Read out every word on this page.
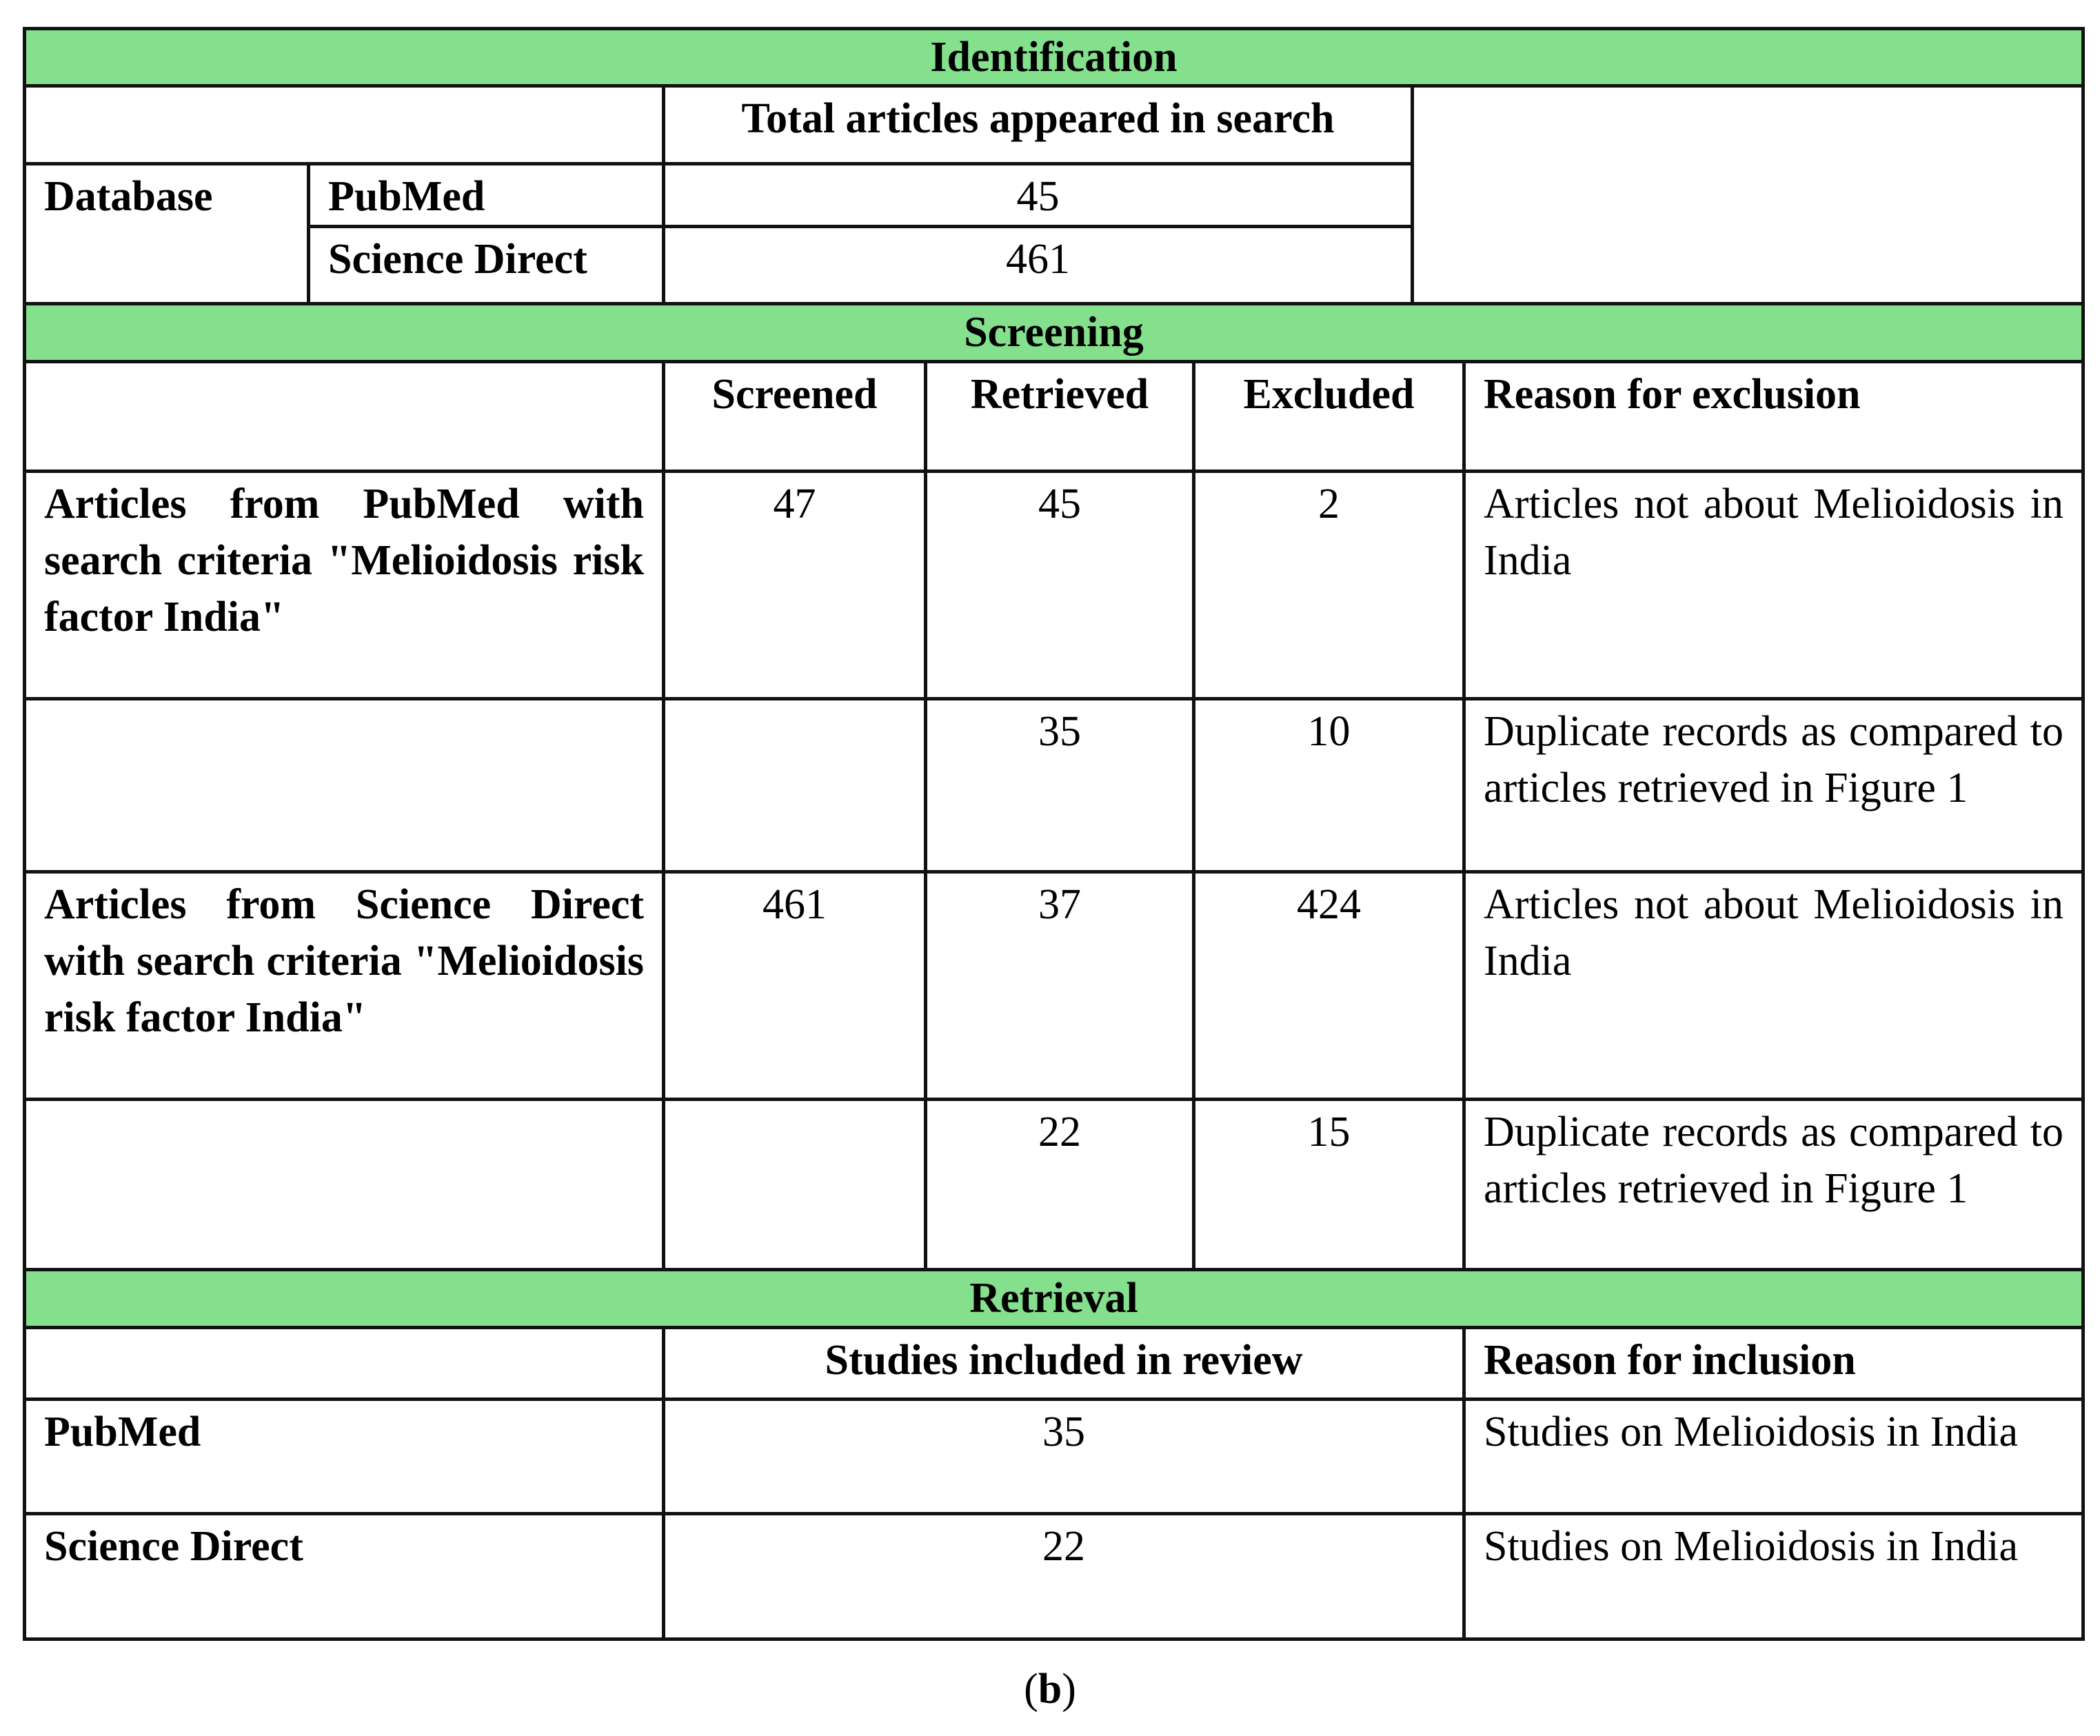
Identification						
		Total articles appeared in search				
Database	PubMed	45				
	Science Direct	461				
Screening						
		Screened	Retrieved	Excluded		Reason for exclusion
Articles from PubMed with search criteria "Melioidosis risk factor India"		47	45	2		Articles not about Melioidosis in India
			35	10		Duplicate records as compared to articles retrieved in Figure 1
Articles from Science Direct with search criteria "Melioidosis risk factor India"		461	37	424		Articles not about Melioidosis in India
			22	15		Duplicate records as compared to articles retrieved in Figure 1
Retrieval						
		Studies included in review				Reason for inclusion
PubMed		35				Studies on Melioidosis in India
Science Direct		22				Studies on Melioidosis in India
(b)
